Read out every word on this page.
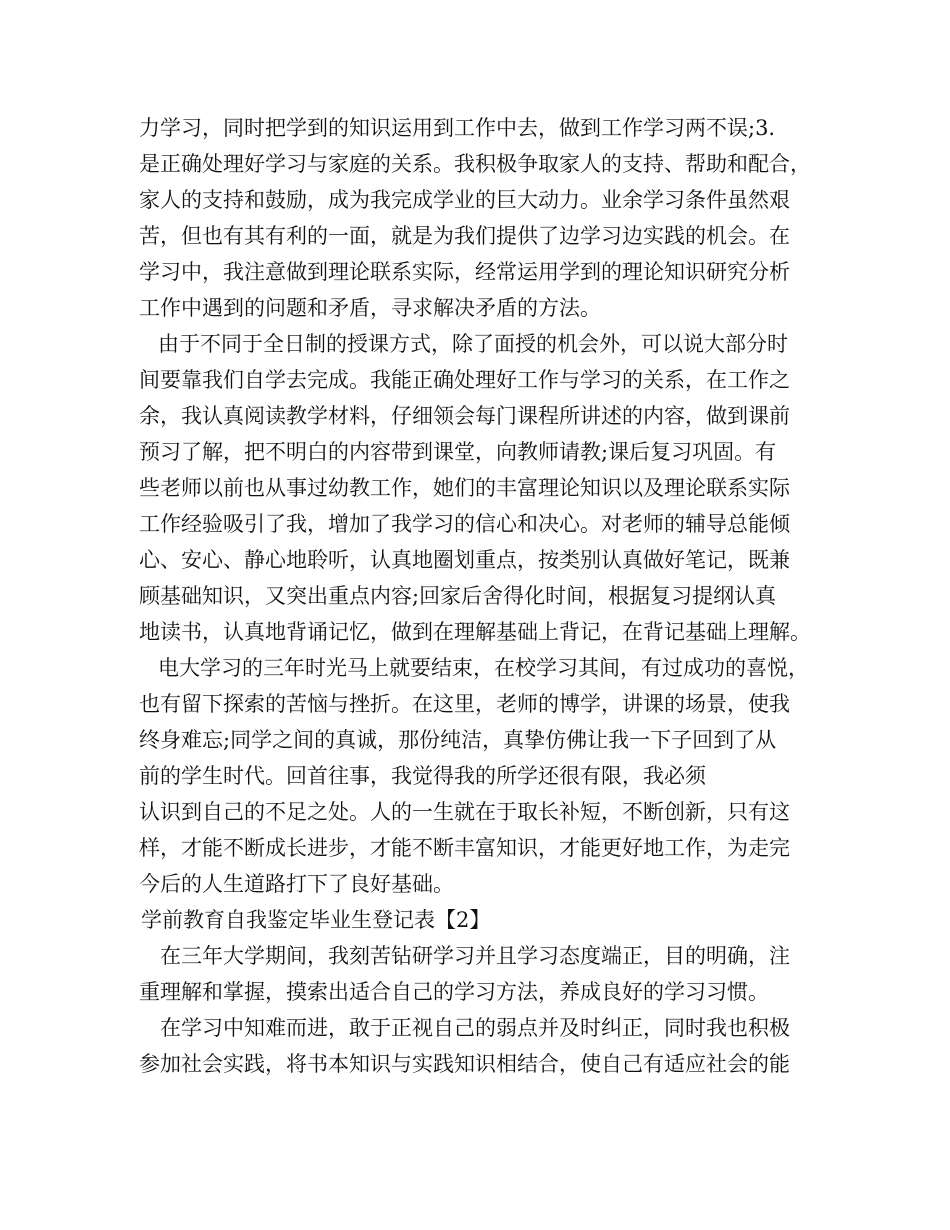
力学习，同时把学到的知识运用到工作中去，做到工作学习两不误;3.
是正确处理好学习与家庭的关系。我积极争取家人的支持、帮助和配合，
家人的支持和鼓励，成为我完成学业的巨大动力。业余学习条件虽然艰
苦，但也有其有利的一面，就是为我们提供了边学习边实践的机会。在
学习中，我注意做到理论联系实际，经常运用学到的理论知识研究分析
工作中遇到的问题和矛盾，寻求解决矛盾的方法。
由于不同于全日制的授课方式，除了面授的机会外，可以说大部分时
间要靠我们自学去完成。我能正确处理好工作与学习的关系，在工作之
余，我认真阅读教学材料，仔细领会每门课程所讲述的内容，做到课前
预习了解，把不明白的内容带到课堂，向教师请教;课后复习巩固。有
些老师以前也从事过幼教工作，她们的丰富理论知识以及理论联系实际
工作经验吸引了我，增加了我学习的信心和决心。对老师的辅导总能倾
心、安心、静心地聆听，认真地圈划重点，按类别认真做好笔记，既兼
顾基础知识，又突出重点内容;回家后舍得化时间，根据复习提纲认真
地读书，认真地背诵记忆，做到在理解基础上背记，在背记基础上理解。
电大学习的三年时光马上就要结束，在校学习其间，有过成功的喜悦，
也有留下探索的苦恼与挫折。在这里，老师的博学，讲课的场景，使我
终身难忘;同学之间的真诚，那份纯洁，真挚仿佛让我一下子回到了从
前的学生时代。回首往事，我觉得我的所学还很有限，我必须
认识到自己的不足之处。人的一生就在于取长补短，不断创新，只有这
样，才能不断成长进步，才能不断丰富知识，才能更好地工作，为走完
今后的人生道路打下了良好基础。
学前教育自我鉴定毕业生登记表【2】
在三年大学期间，我刻苦钻研学习并且学习态度端正，目的明确，注
重理解和掌握，摸索出适合自己的学习方法，养成良好的学习习惯。
在学习中知难而进，敢于正视自己的弱点并及时纠正，同时我也积极
参加社会实践，将书本知识与实践知识相结合，使自己有适应社会的能
